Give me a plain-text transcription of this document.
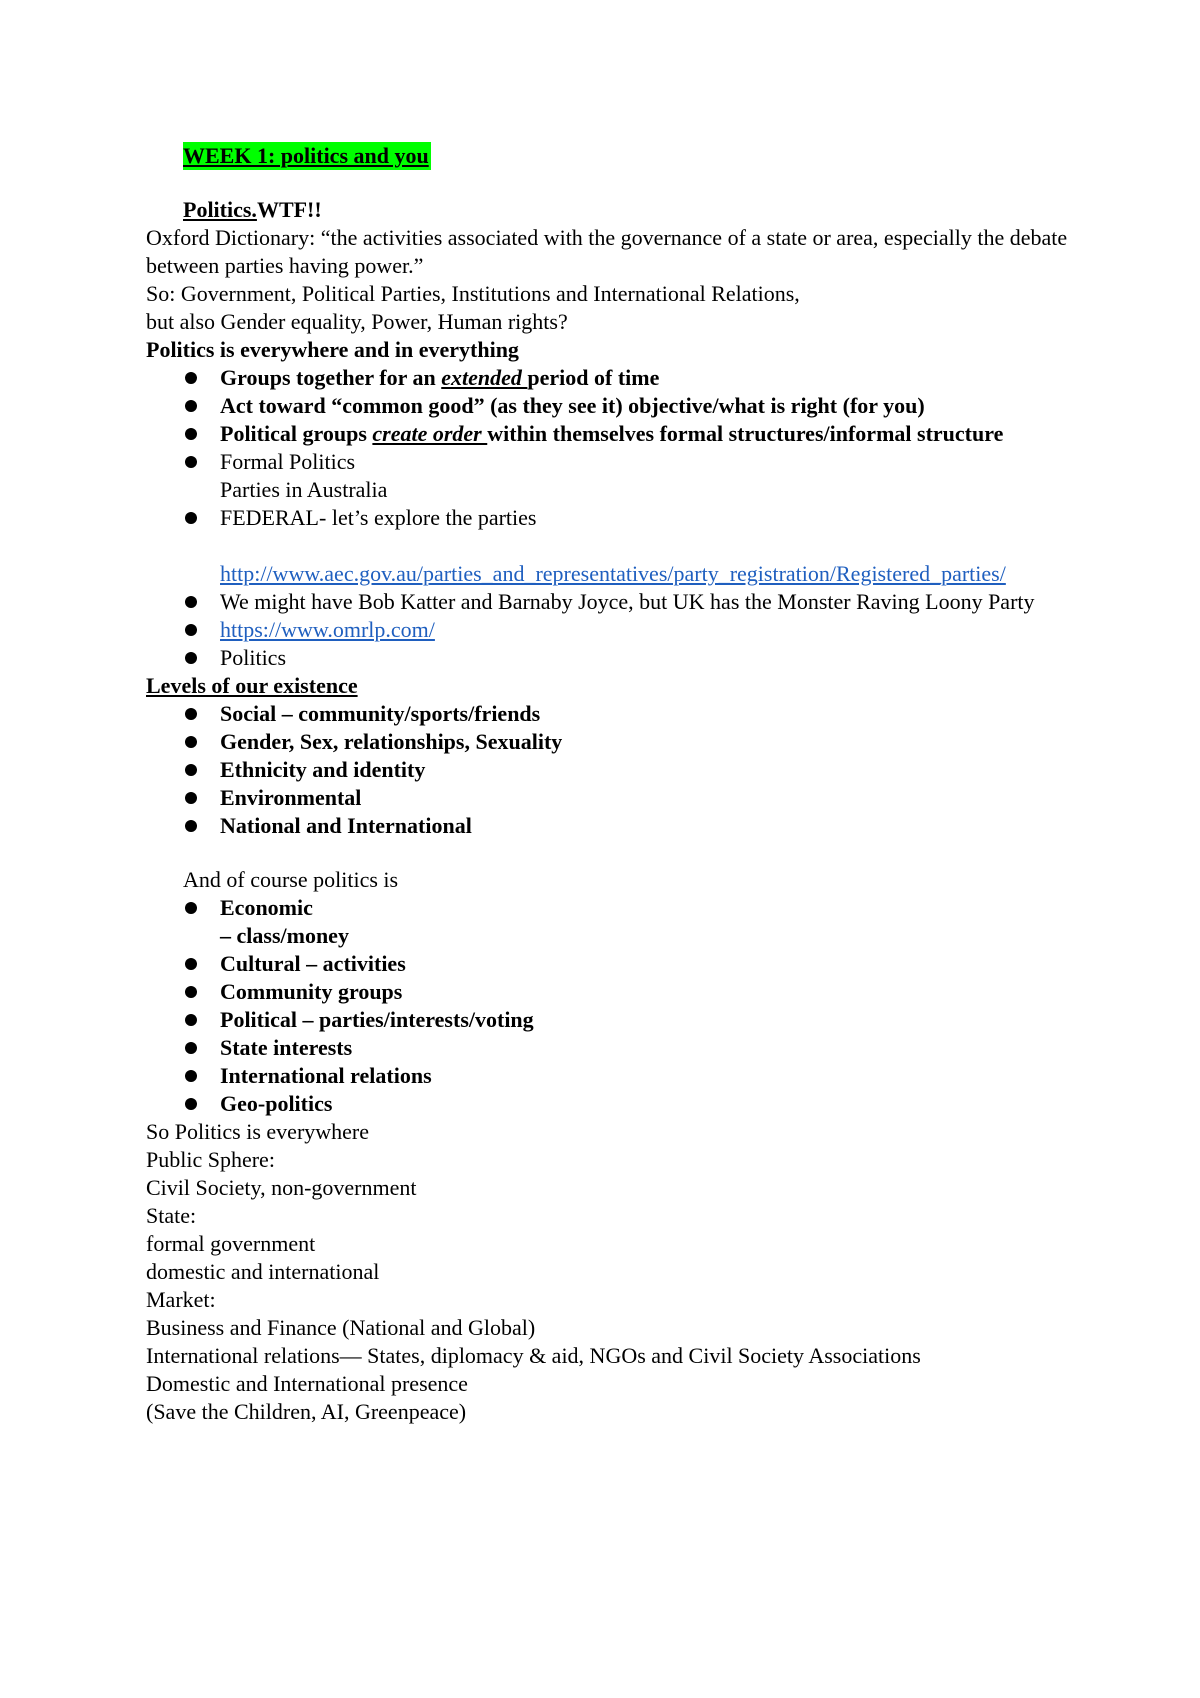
WEEK 1: politics and you

Politics.WTF!!

Oxford Dictionary: “the activities associated with the governance of a state or area, especially the debate between parties having power.”

So: Government, Political Parties, Institutions and International Relations,

but also Gender equality, Power, Human rights?

Politics is everywhere and in everything

Groups together for an extended period of time
Act toward “common good” (as they see it) objective/what is right (for you)
Political groups create order within themselves formal structures/informal structure
Formal Politics
Parties in Australia
FEDERAL- let’s explore the parties
http://www.aec.gov.au/parties_and_representatives/party_registration/Registered_parties/
We might have Bob Katter and Barnaby Joyce, but UK has the Monster Raving Loony Party
https://www.omrlp.com/
Politics

Levels of our existence

Social – community/sports/friends
Gender, Sex, relationships, Sexuality
Ethnicity and identity
Environmental
National and International

And of course politics is

Economic
– class/money
Cultural – activities
Community groups
Political – parties/interests/voting
State interests
International relations
Geo-politics

So Politics is everywhere

Public Sphere:

Civil Society, non-government

State:

formal government

domestic and international

Market:

Business and Finance (National and Global)

International relations— States, diplomacy & aid, NGOs and Civil Society Associations

Domestic and International presence

(Save the Children, AI, Greenpeace)
